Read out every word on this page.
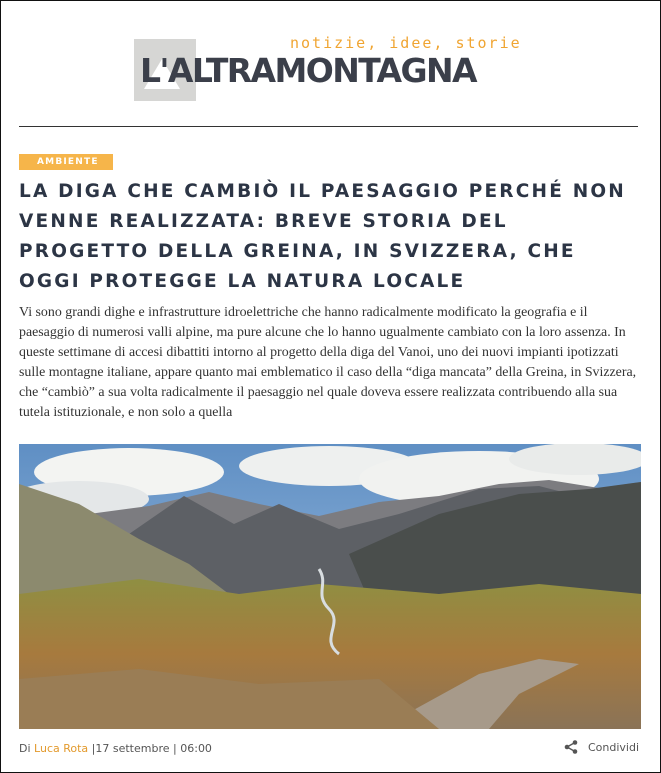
notizie, idee, storie
L'ALTRAMONTAGNA
AMBIENTE
LA DIGA CHE CAMBIÒ IL PAESAGGIO PERCHÉ NON VENNE REALIZZATA: BREVE STORIA DEL PROGETTO DELLA GREINA, IN SVIZZERA, CHE OGGI PROTEGGE LA NATURA LOCALE

Vi sono grandi dighe e infrastrutture idroelettriche che hanno radicalmente modificato la geografia e il paesaggio di numerosi valli alpine, ma pure alcune che lo hanno ugualmente cambiato con la loro assenza. In queste settimane di accesi dibattiti intorno al progetto della diga del Vanoi, uno dei nuovi impianti ipotizzati sulle montagne italiane, appare quanto mai emblematico il caso della “diga mancata” della Greina, in Svizzera, che “cambiò” a sua volta radicalmente il paesaggio nel quale doveva essere realizzata contribuendo alla sua tutela istituzionale, e non solo a quella

Di Luca Rota |17 settembre | 06:00	Condividi
